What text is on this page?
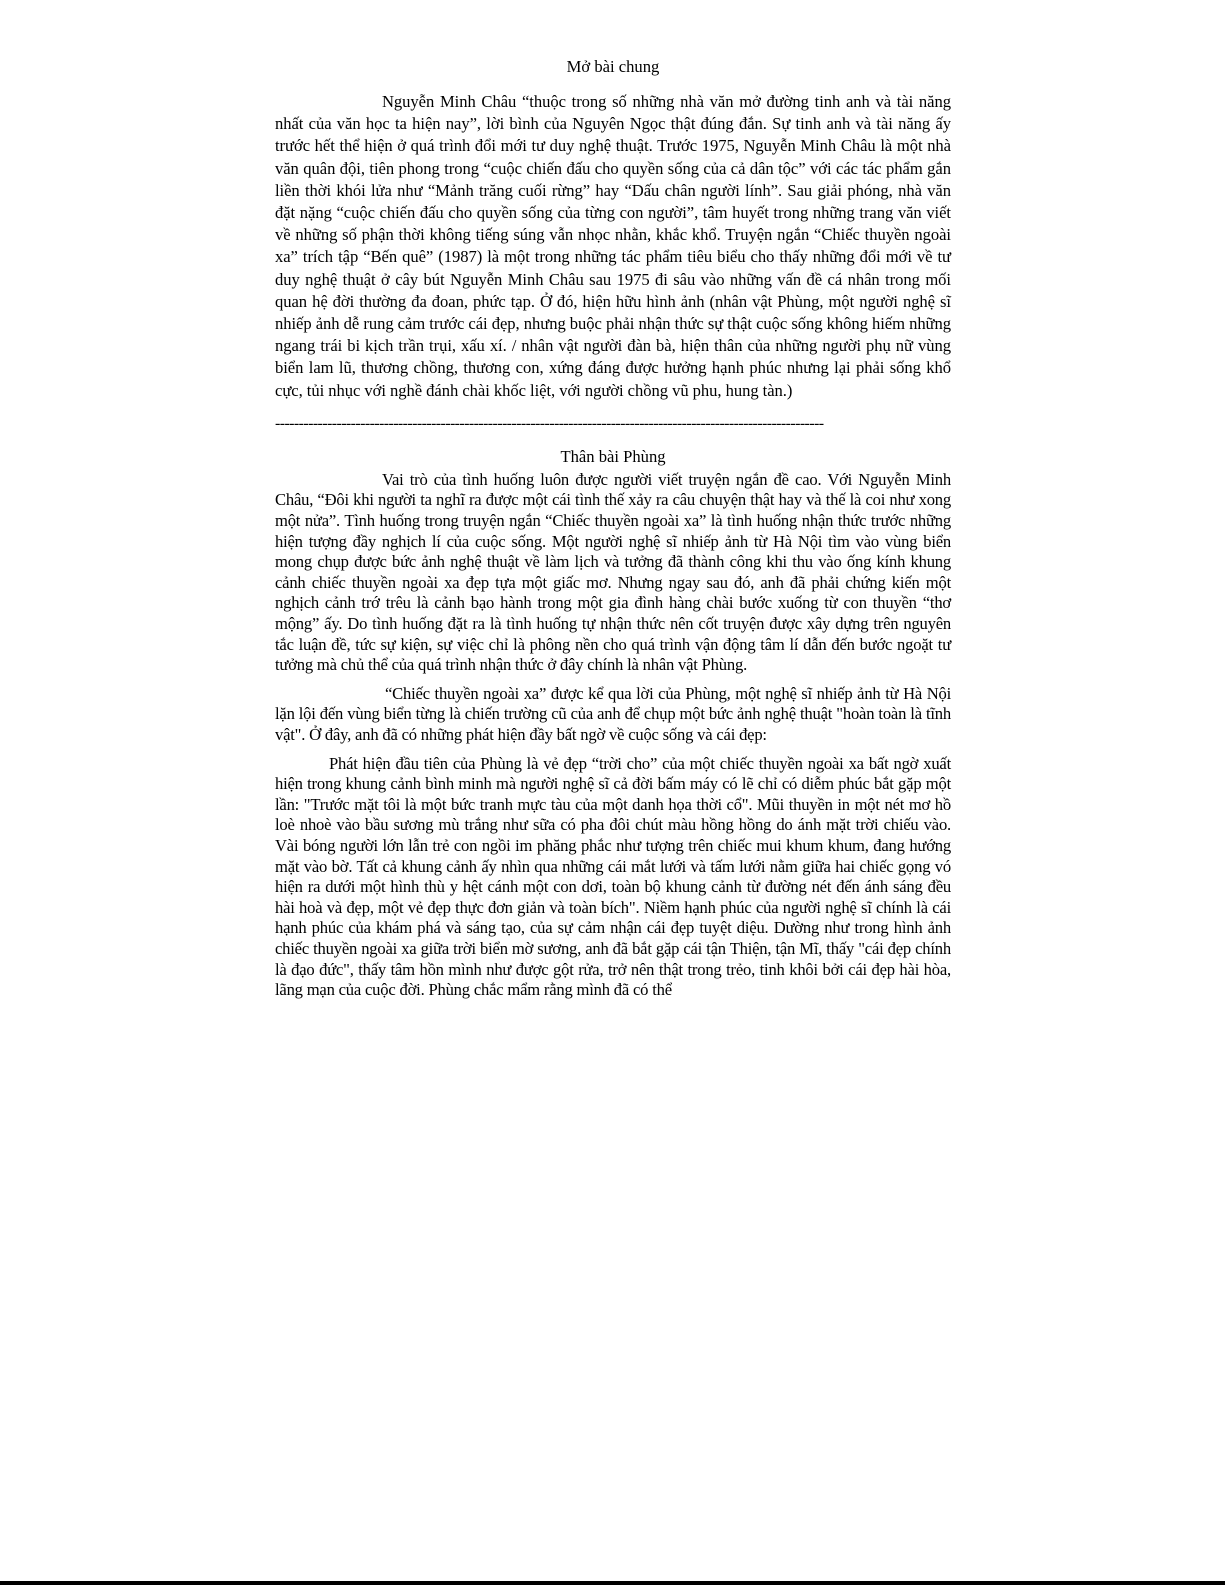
Mở bài chung

Nguyễn Minh Châu “thuộc trong số những nhà văn mở đường tinh anh và tài năng nhất của văn học ta hiện nay”, lời bình của Nguyên Ngọc thật đúng đắn. Sự tinh anh và tài năng ấy trước hết thể hiện ở quá trình đổi mới tư duy nghệ thuật. Trước 1975, Nguyễn Minh Châu là một nhà văn quân đội, tiên phong trong “cuộc chiến đấu cho quyền sống của cả dân tộc” với các tác phẩm gắn liền thời khói lửa như “Mảnh trăng cuối rừng” hay “Dấu chân người lính”. Sau giải phóng, nhà văn đặt nặng “cuộc chiến đấu cho quyền sống của từng con người”, tâm huyết trong những trang văn viết về những số phận thời không tiếng súng vẫn nhọc nhằn, khắc khổ. Truyện ngắn “Chiếc thuyền ngoài xa” trích tập “Bến quê” (1987) là một trong những tác phẩm tiêu biểu cho thấy những đổi mới về tư duy nghệ thuật ở cây bút Nguyễn Minh Châu sau 1975 đi sâu vào những vấn đề cá nhân trong mối quan hệ đời thường đa đoan, phức tạp. Ở đó, hiện hữu hình ảnh (nhân vật Phùng, một người nghệ sĩ nhiếp ảnh dễ rung cảm trước cái đẹp, nhưng buộc phải nhận thức sự thật cuộc sống không hiếm những ngang trái bi kịch trần trụi, xấu xí. / nhân vật người đàn bà, hiện thân của những người phụ nữ vùng biển lam lũ, thương chồng, thương con, xứng đáng được hưởng hạnh phúc nhưng lại phải sống khổ cực, tủi nhục với nghề đánh chài khốc liệt, với người chồng vũ phu, hung tàn.)

--------------------------------------------------------------------------------------------------------------------

Thân bài Phùng

Vai trò của tình huống luôn được người viết truyện ngắn đề cao. Với Nguyễn Minh Châu, “Đôi khi người ta nghĩ ra được một cái tình thế xảy ra câu chuyện thật hay và thế là coi như xong một nửa”. Tình huống trong truyện ngắn “Chiếc thuyền ngoài xa” là tình huống nhận thức trước những hiện tượng đầy nghịch lí của cuộc sống. Một người nghệ sĩ nhiếp ảnh từ Hà Nội tìm vào vùng biển mong chụp được bức ảnh nghệ thuật về làm lịch và tưởng đã thành công khi thu vào ống kính khung cảnh chiếc thuyền ngoài xa đẹp tựa một giấc mơ. Nhưng ngay sau đó, anh đã phải chứng kiến một nghịch cảnh trớ trêu là cảnh bạo hành trong một gia đình hàng chài bước xuống từ con thuyền “thơ mộng” ấy. Do tình huống đặt ra là tình huống tự nhận thức nên cốt truyện được xây dựng trên nguyên tắc luận đề, tức sự kiện, sự việc chỉ là phông nền cho quá trình vận động tâm lí dẫn đến bước ngoặt tư tưởng mà chủ thể của quá trình nhận thức ở đây chính là nhân vật Phùng.

“Chiếc thuyền ngoài xa” được kể qua lời của Phùng, một nghệ sĩ nhiếp ảnh từ Hà Nội lặn lội đến vùng biển từng là chiến trường cũ của anh để chụp một bức ảnh nghệ thuật "hoàn toàn là tĩnh vật". Ở đây, anh đã có những phát hiện đầy bất ngờ về cuộc sống và cái đẹp:

Phát hiện đầu tiên của Phùng là vẻ đẹp “trời cho” của một chiếc thuyền ngoài xa bất ngờ xuất hiện trong khung cảnh bình minh mà người nghệ sĩ cả đời bấm máy có lẽ chỉ có diễm phúc bắt gặp một lần: "Trước mặt tôi là một bức tranh mực tàu của một danh họa thời cổ". Mũi thuyền in một nét mơ hồ loè nhoè vào bầu sương mù trắng như sữa có pha đôi chút màu hồng hồng do ánh mặt trời chiếu vào. Vài bóng người lớn lẫn trẻ con ngồi im phăng phắc như tượng trên chiếc mui khum khum, đang hướng mặt vào bờ. Tất cả khung cảnh ấy nhìn qua những cái mắt lưới và tấm lưới nằm giữa hai chiếc gọng vó hiện ra dưới một hình thù y hệt cánh một con dơi, toàn bộ khung cảnh từ đường nét đến ánh sáng đều hài hoà và đẹp, một vẻ đẹp thực đơn giản và toàn bích". Niềm hạnh phúc của người nghệ sĩ chính là cái hạnh phúc của khám phá và sáng tạo, của sự cảm nhận cái đẹp tuyệt diệu. Dường như trong hình ảnh chiếc thuyền ngoài xa giữa trời biển mờ sương, anh đã bắt gặp cái tận Thiện, tận Mĩ, thấy "cái đẹp chính là đạo đức", thấy tâm hồn mình như được gột rửa, trở nên thật trong trẻo, tinh khôi bởi cái đẹp hài hòa, lãng mạn của cuộc đời. Phùng chắc mẩm rằng mình đã có thể
